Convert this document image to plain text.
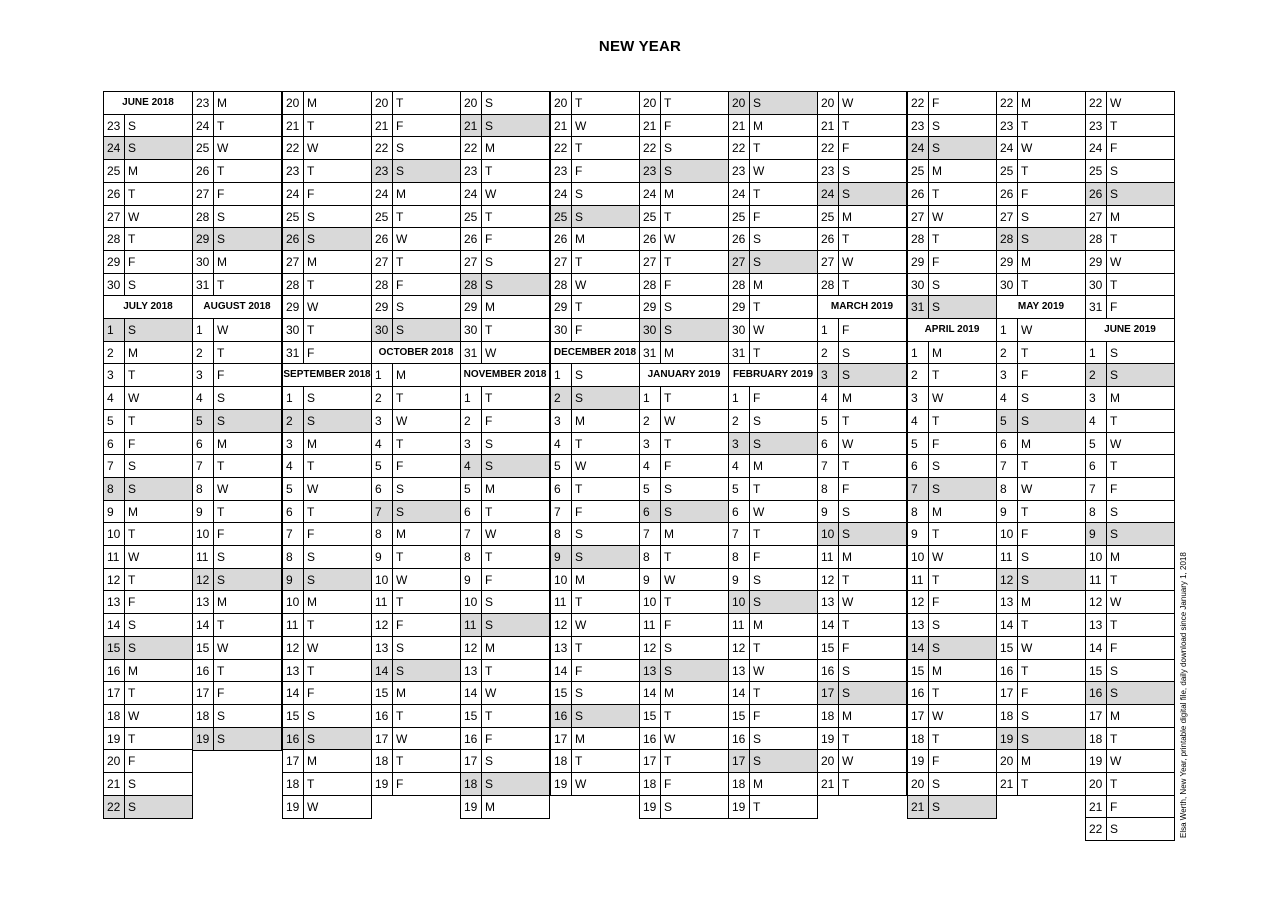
NEW YEAR
JUNE 2018
23 S
24 S
25 M
26 T
27 W
28 T
29 F
30 S
JULY 2018
1	S
2	M
3	T
4	W
5	T
6	F
7	S
8	S
9	M
10 T
11 W
12 T
13 F
14 S
15 S
16 M
17 T
18 W
19 T
20 F
21 S
22 S
23 M
24 T
25 W
26 T
27 F
28 S
29 S
30 M
31 T
AUGUST 2018
1	W
2	T
3	F
4	S
5	S
6	M
7	T
8	W
9	T
10 F
11 S
12 S
13 M
14 T
15 W
16 T
17 F
18 S
19 S
20 M
21 T
22 W
23 T
24 F
25 S
26 S
27 M
28 T
29 W
30 T
31 F
SEPTEMBER 2018
1	S
2	S
3	M
4	T
5	W
6	T
7	F
8	S
9	S
10 M
11 T
12 W
13 T
14 F
15 S
16 S
17 M
18 T
19 W
20 T
21 F
22 S
23 S
24 M
25 T
26 W
27 T
28 F
29 S
30 S
OCTOBER 2018
1	M
2	T
3	W
4	T
5	F
6	S
7	S
8	M
9	T
10 W
11 T
12 F
13 S
14 S
15 M
16 T
17 W
18 T
19 F
20 S
21 S
22 M
23 T
24 W
25 T
26 F
27 S
28 S
29 M
30 T
31 W
NOVEMBER 2018
1	T
2	F
3	S
4	S
5	M
6	T
7	W
8	T
9	F
10 S
11 S
12 M
13 T
14 W
15 T
16 F
17 S
18 S
19 M
20 T
21 W
22 T
23 F
24 S
25 S
26 M
27 T
28 W
29 T
30 F
DECEMBER 2018
1	S
2	S
3	M
4	T
5	W
6	T
7	F
8	S
9	S
10 M
11 T
12 W
13 T
14 F
15 S
16 S
17 M
18 T
19 W
20 T
21 F
22 S
23 S
24 M
25 T
26 W
27 T
28 F
29 S
30 S
31 M
JANUARY 2019
1	T
2	W
3	T
4	F
5	S
6	S
7	M
8	T
9	W
10 T
11 F
12 S
13 S
14 M
15 T
16 W
17 T
18 F
19 S
20 S
21 M
22 T
23 W
24 T
25 F
26 S
27 S
28 M
29 T
30 W
31 T
FEBRUARY 2019
1	F
2	S
3	S
4	M
5	T
6	W
7	T
8	F
9	S
10 S
11 M
12 T
13 W
14 T
15 F
16 S
17 S
18 M
19 T
20 W
21 T
22 F
23 S
24 S
25 M
26 T
27 W
28 T
MARCH 2019
1	F
2	S
3	S
4	M
5	T
6	W
7	T
8	F
9	S
10 S
11 M
12 T
13 W
14 T
15 F
16 S
17 S
18 M
19 T
20 W
21 T
22 F
23 S
24 S
25 M
26 T
27 W
28 T
29 F
30 S
31 S
APRIL 2019
1	M
2	T
3	W
4	T
5	F
6	S
7	S
8	M
9	T
10 W
11 T
12 F
13 S
14 S
15 M
16 T
17 W
18 T
19 F
20 S
21 S
22 M
23 T
24 W
25 T
26 F
27 S
28 S
29 M
30 T
MAY 2019
1	W
2	T
3	F
4	S
5	S
6	M
7	T
8	W
9	T
10 F
11 S
12 S
13 M
14 T
15 W
16 T
17 F
18 S
19 S
20 M
21 T
22 W
23 T
24 F
25 S
26 S
27 M
28 T
29 W
30 T
31 F
JUNE 2019
1	S
2	S
3	M
4	T
5	W
6	T
7	F
8	S
9	S
10 M
11 T
12 W
13 T
14 F
15 S
16 S
17 M
18 T
19 W
20 T
21 F
22 S	Elsa Werth, New Year, printable digital file, daily download since January 1, 2018
